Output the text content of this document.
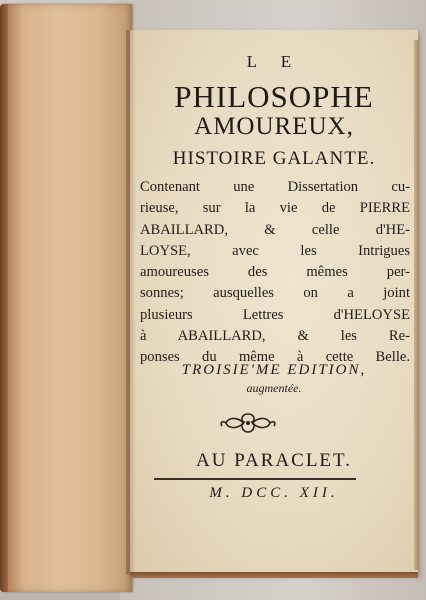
L E
PHILOSOPHE
AMOUREUX,
HISTOIRE GALANTE.
Contenant une Dissertation cu-
rieuse, sur la vie de PIERRE
ABAILLARD, & celle d'HE-
LOYSE, avec les Intrigues
amoureuses des mêmes per-
sonnes; ausquelles on a joint
plusieurs Lettres d'HELOYSE
à ABAILLARD, & les Re-
ponses du même à cette Belle.
TROISIE'ME EDITION,
augmentée.
AU PARACLET.
M. DCC. XII.
